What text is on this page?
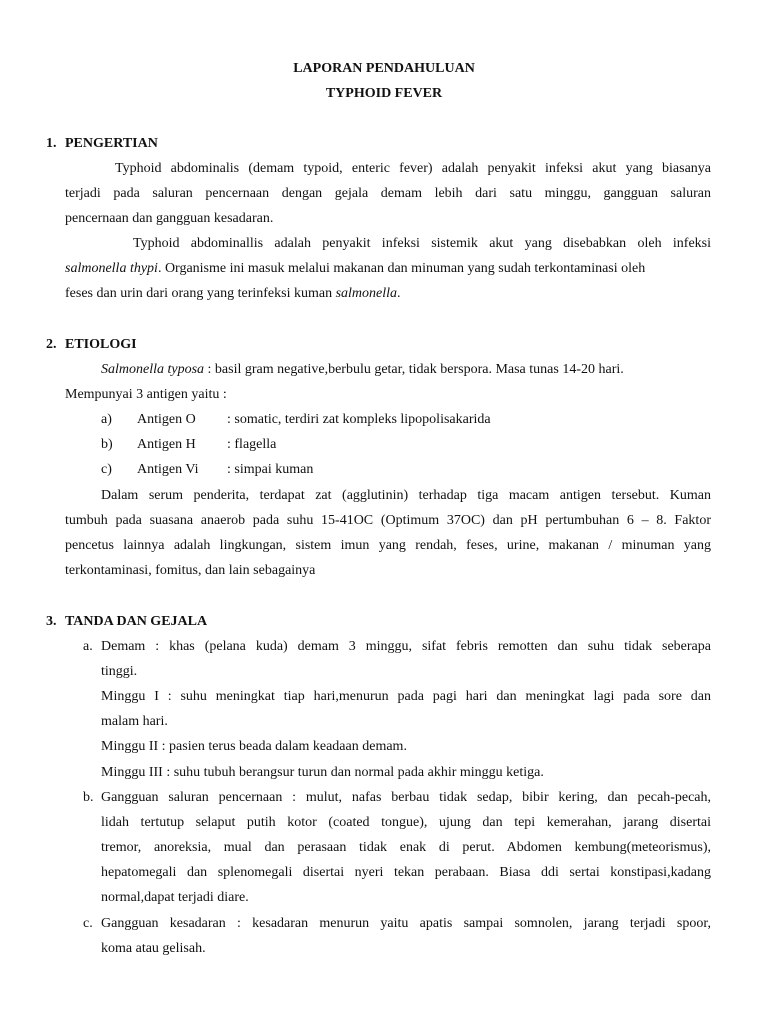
LAPORAN PENDAHULUAN
TYPHOID FEVER
1. PENGERTIAN
Typhoid abdominalis (demam typoid, enteric fever) adalah penyakit infeksi akut yang biasanya
terjadi pada saluran pencernaan dengan gejala demam lebih dari satu minggu, gangguan saluran
pencernaan dan gangguan kesadaran.
Typhoid abdominallis adalah penyakit infeksi sistemik akut yang disebabkan oleh infeksi
salmonella thypi. Organisme ini masuk melalui makanan dan minuman yang sudah terkontaminasi oleh
feses dan urin dari orang yang terinfeksi kuman salmonella.
2. ETIOLOGI
Salmonella typosa : basil gram negative,berbulu getar, tidak berspora. Masa tunas 14-20 hari.
Mempunyai 3 antigen yaitu :
a) Antigen O : somatic, terdiri zat kompleks lipopolisakarida
b) Antigen H : flagella
c) Antigen Vi : simpai kuman
Dalam serum penderita, terdapat zat (agglutinin) terhadap tiga macam antigen tersebut. Kuman
tumbuh pada suasana anaerob pada suhu 15-41OC (Optimum 37OC) dan pH pertumbuhan 6 – 8. Faktor
pencetus lainnya adalah lingkungan, sistem imun yang rendah, feses, urine, makanan / minuman yang
terkontaminasi, fomitus, dan lain sebagainya
3. TANDA DAN GEJALA
a. Demam : khas (pelana kuda) demam 3 minggu, sifat febris remotten dan suhu tidak seberapa
tinggi.
Minggu I : suhu meningkat tiap hari,menurun pada pagi hari dan meningkat lagi pada sore dan
malam hari.
Minggu II : pasien terus beada dalam keadaan demam.
Minggu III : suhu tubuh berangsur turun dan normal pada akhir minggu ketiga.
b. Gangguan saluran pencernaan : mulut, nafas berbau tidak sedap, bibir kering, dan pecah-pecah,
lidah tertutup selaput putih kotor (coated tongue), ujung dan tepi kemerahan, jarang disertai
tremor, anoreksia, mual dan perasaan tidak enak di perut. Abdomen kembung(meteorismus),
hepatomegali dan splenomegali disertai nyeri tekan perabaan. Biasa ddi sertai konstipasi,kadang
normal,dapat terjadi diare.
c. Gangguan kesadaran : kesadaran menurun yaitu apatis sampai somnolen, jarang terjadi spoor,
koma atau gelisah.
